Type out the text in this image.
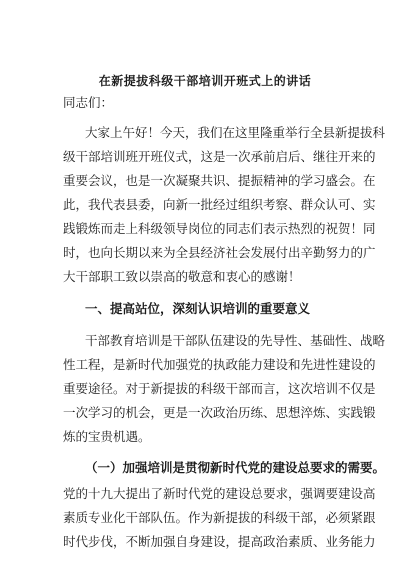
在新提拔科级干部培训开班式上的讲话
同志们：
大家上午好！今天，我们在这里隆重举行全县新提拔科
级干部培训班开班仪式，这是一次承前启后、继往开来的
重要会议，也是一次凝聚共识、提振精神的学习盛会。在
此，我代表县委，向新一批经过组织考察、群众认可、实
践锻炼而走上科级领导岗位的同志们表示热烈的祝贺！同
时，也向长期以来为全县经济社会发展付出辛勤努力的广
大干部职工致以崇高的敬意和衷心的感谢！
一、提高站位，深刻认识培训的重要意义
干部教育培训是干部队伍建设的先导性、基础性、战略
性工程，是新时代加强党的执政能力建设和先进性建设的
重要途径。对于新提拔的科级干部而言，这次培训不仅是
一次学习的机会，更是一次政治历练、思想淬炼、实践锻
炼的宝贵机遇。
（一）加强培训是贯彻新时代党的建设总要求的需要。
党的十九大提出了新时代党的建设总要求，强调要建设高
素质专业化干部队伍。作为新提拔的科级干部，必须紧跟
时代步伐，不断加强自身建设，提高政治素质、业务能力
